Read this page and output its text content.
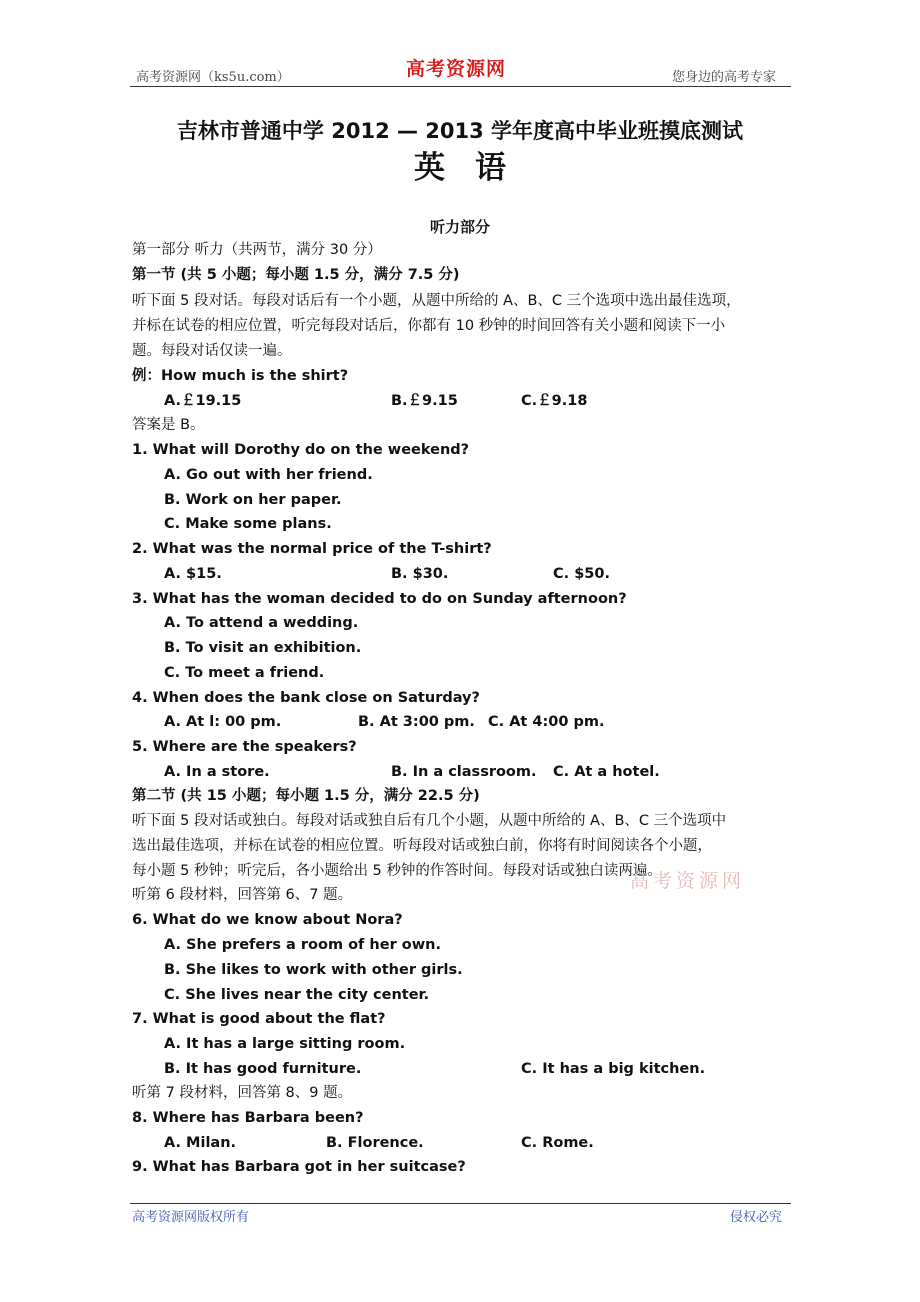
高考资源网（ks5u.com）	高考资源网	您身边的高考专家
吉林市普通中学 2012 — 2013 学年度高中毕业班摸底测试
英语
听力部分
第一部分 听力（共两节，满分 30 分）
第一节 (共 5 小题；每小题 1.5 分，满分 7.5 分)
听下面 5 段对话。每段对话后有一个小题，从题中所给的 A、B、C 三个选项中选出最佳选项，
并标在试卷的相应位置，听完每段对话后，你都有 10 秒钟的时间回答有关小题和阅读下一小
题。每段对话仅读一遍。
例：How much is the shirt?
A.￡19.15	B.￡9.15	C.￡9.18
答案是 B。
1. What will Dorothy do on the weekend?
A. Go out with her friend.
B. Work on her paper.
C. Make some plans.
2. What was the normal price of the T-shirt?
A. $15.	B. $30.	C. $50.
3. What has the woman decided to do on Sunday afternoon?
A. To attend a wedding.
B. To visit an exhibition.
C. To meet a friend.
4. When does the bank close on Saturday?
A. At l: 00 pm.	B. At 3:00 pm. C. At 4:00 pm.
5. Where are the speakers?
A. In a store.	B. In a classroom. C. At a hotel.
第二节 (共 15 小题；每小题 1.5 分，满分 22.5 分)
听下面 5 段对话或独白。每段对话或独自后有几个小题，从题中所给的 A、B、C 三个选项中
选出最佳选项，并标在试卷的相应位置。听每段对话或独白前，你将有时间阅读各个小题，
每小题 5 秒钟；听完后，各小题给出 5 秒钟的作答时间。每段对话或独白读两遍。
高考资源网
听第 6 段材料，回答第 6、7 题。
6. What do we know about Nora?
A. She prefers a room of her own.
B. She likes to work with other girls.
C. She lives near the city center.
7. What is good about the flat?
A. It has a large sitting room.
B. It has good furniture.	C. It has a big kitchen.
听第 7 段材料，回答第 8、9 题。
8. Where has Barbara been?
A. Milan.	B. Florence.	C. Rome.
9. What has Barbara got in her suitcase?
高考资源网版权所有	侵权必究
